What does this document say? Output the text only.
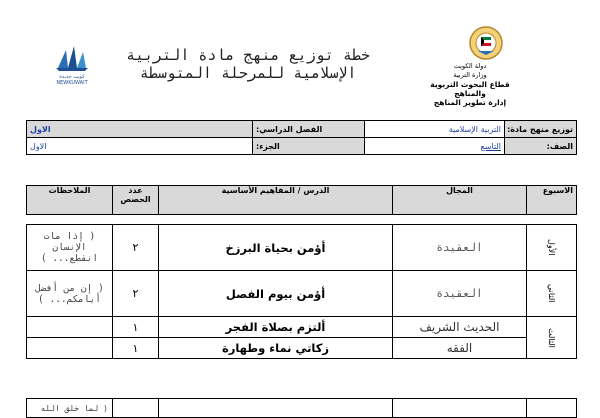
كويت جديدة
NEWKUWAIT
دولة الكويت
وزارة التربية
قطاع البحوث التربوية والمناهج
إدارة تطوير المناهج
خطة توزيع منهج مادة التربية
الإسلامية للمرحلة المتوسطة
توزيع منهج مادة:	التربية الإسلامية	الفصل الدراسي:	الاول
الصف:	التاسع	الجزء:	الاول
الاسبوع	المجال	الدرس / المفاهيم الأساسية	عدد الحصص	الملاحظات
الأول	العقيدة	أؤمن بحياة البرزخ	٢	( إذا مات الإنسان انقطع... )
الثاني	العقيدة	أؤمن بيوم الفصل	٢	( إن من أفضل أيامكم... )
الثالث	الحديث الشريف	ألتزم بصلاة الفجر	١	
	الفقه	زكاتي نماء وطهارة	١	
				( لما خلق الله
